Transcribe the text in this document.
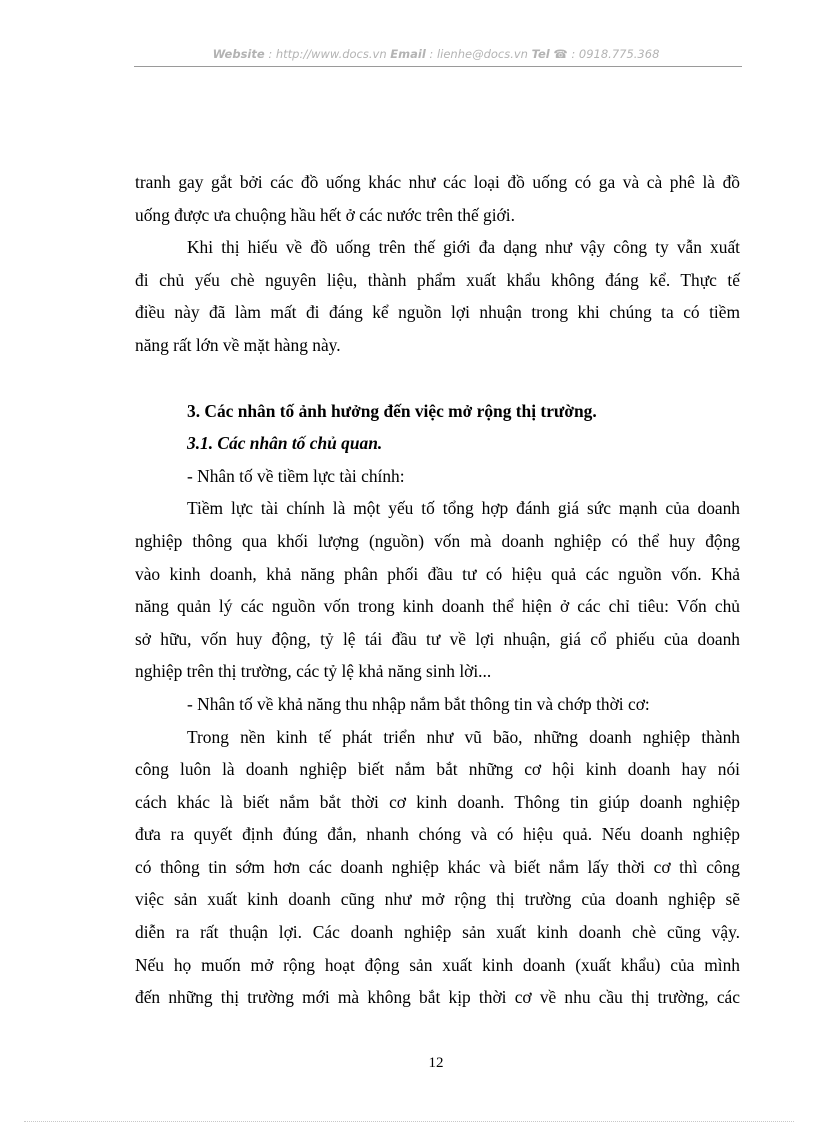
Website : http://www.docs.vn Email : lienhe@docs.vn Tel ☎ : 0918.775.368

tranh gay gắt bởi các đồ uống khác như các loại đồ uống có ga và cà phê là đồ

uống được ưa chuộng hầu hết ở các nước trên thế giới.

Khi thị hiếu về đồ uống trên thế giới đa dạng như vậy công ty vẫn xuất

đi chủ yếu chè nguyên liệu, thành phẩm xuất khẩu không đáng kể. Thực tế

điều này đã làm mất đi đáng kể nguồn lợi nhuận trong khi chúng ta có tiềm

năng rất lớn về mặt hàng này.

3. Các nhân tố ảnh hưởng đến việc mở rộng thị trường.

3.1. Các nhân tố chủ quan.

- Nhân tố về tiềm lực tài chính:

Tiềm lực tài chính là một yếu tố tổng hợp đánh giá sức mạnh của doanh

nghiệp thông qua khối lượng (nguồn) vốn mà doanh nghiệp có thể huy động

vào kinh doanh, khả năng phân phối đầu tư có hiệu quả các nguồn vốn. Khả

năng quản lý các nguồn vốn trong kinh doanh thể hiện ở các chỉ tiêu: Vốn chủ

sở hữu, vốn huy động, tỷ lệ tái đầu tư về lợi nhuận, giá cổ phiếu của doanh

nghiệp trên thị trường, các tỷ lệ khả năng sinh lời...

- Nhân tố về khả năng thu nhập nắm bắt thông tin và chớp thời cơ:

Trong nền kinh tế phát triển như vũ bão, những doanh nghiệp thành

công luôn là doanh nghiệp biết nắm bắt những cơ hội kinh doanh hay nói

cách khác là biết nắm bắt thời cơ kinh doanh. Thông tin giúp doanh nghiệp

đưa ra quyết định đúng đắn, nhanh chóng và có hiệu quả. Nếu doanh nghiệp

có thông tin sớm hơn các doanh nghiệp khác và biết nắm lấy thời cơ thì công

việc sản xuất kinh doanh cũng như mở rộng thị trường của doanh nghiệp sẽ

diễn ra rất thuận lợi. Các doanh nghiệp sản xuất kinh doanh chè cũng vậy.

Nếu họ muốn mở rộng hoạt động sản xuất kinh doanh (xuất khẩu) của mình

đến những thị trường mới mà không bắt kịp thời cơ về nhu cầu thị trường, các

12
